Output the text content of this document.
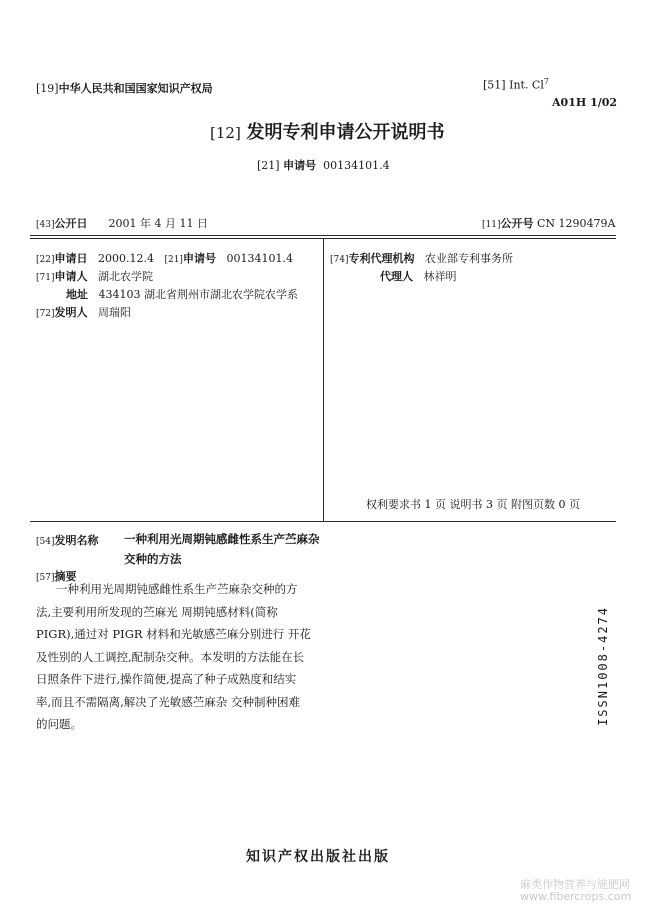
[19]中华人民共和国国家知识产权局	[51] Int. Cl$^7$
A01H 1/02
[12] 发明专利申请公开说明书
[21] 申请号 00134101.4
[43]公开日 2001 年 4 月 11 日	[11]公开号 CN 1290479A
[22]申请日 2000.12.4 [21]申请号 00134101.4
[71]申请人 湖北农学院
地址 434103 湖北省荆州市湖北农学院农学系
[72]发明人 周瑞阳
[74]专利代理机构 农业部专利事务所
代理人 林祥明
权利要求书 1 页 说明书 3 页 附图页数 0 页
[54]发明名称 一种利用光周期钝感雌性系生产苎麻杂
交种的方法
[57]摘要
一种利用光周期钝感雌性系生产苎麻杂交种的方
法,主要利用所发现的苎麻光 周期钝感材料(简称
PIGR),通过对 PIGR 材料和光敏感苎麻分别进行 开花
及性别的人工调控,配制杂交种。本发明的方法能在长
日照条件下进行,操作简便,提高了种子成熟度和结实
率,而且不需隔离,解决了光敏感苎麻杂 交种制种困难
的问题。	ISSN1008-4274
知识产权出版社出版
麻类作物营养与施肥网
www.fibercrops.com
